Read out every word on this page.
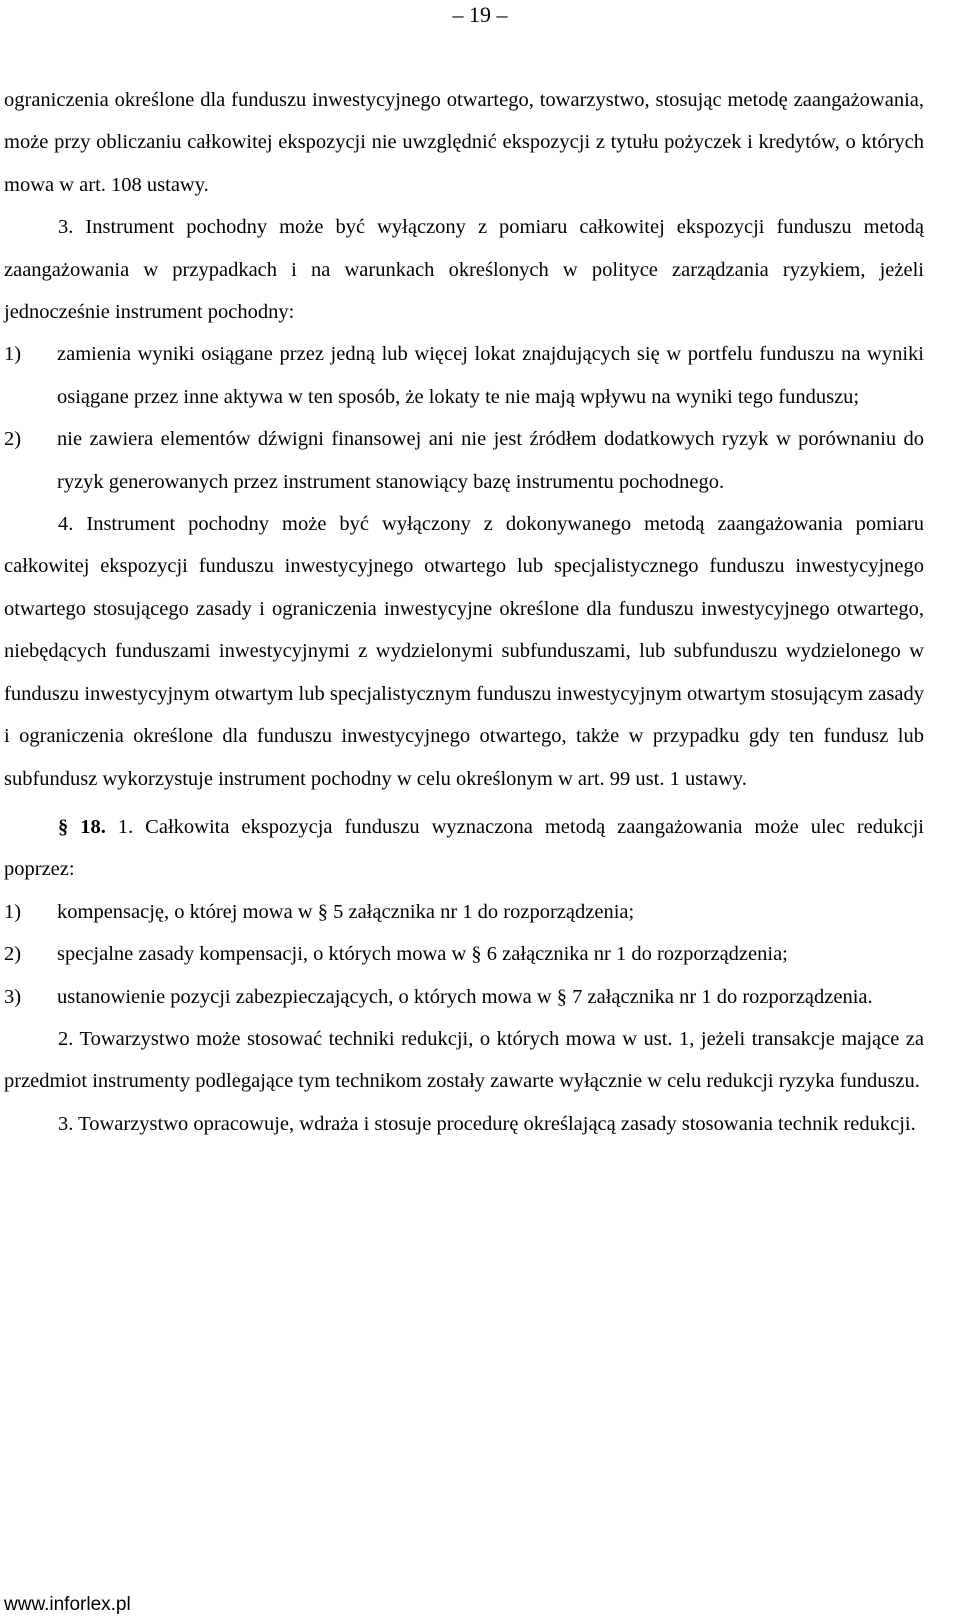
– 19 –

ograniczenia określone dla funduszu inwestycyjnego otwartego, towarzystwo, stosując metodę zaangażowania, może przy obliczaniu całkowitej ekspozycji nie uwzględnić ekspozycji z tytułu pożyczek i kredytów, o których mowa w art. 108 ustawy.

3. Instrument pochodny może być wyłączony z pomiaru całkowitej ekspozycji funduszu metodą zaangażowania w przypadkach i na warunkach określonych w polityce zarządzania ryzykiem, jeżeli jednocześnie instrument pochodny:

1) zamienia wyniki osiągane przez jedną lub więcej lokat znajdujących się w portfelu funduszu na wyniki osiągane przez inne aktywa w ten sposób, że lokaty te nie mają wpływu na wyniki tego funduszu;
2) nie zawiera elementów dźwigni finansowej ani nie jest źródłem dodatkowych ryzyk w porównaniu do ryzyk generowanych przez instrument stanowiący bazę instrumentu pochodnego.

4. Instrument pochodny może być wyłączony z dokonywanego metodą zaangażowania pomiaru całkowitej ekspozycji funduszu inwestycyjnego otwartego lub specjalistycznego funduszu inwestycyjnego otwartego stosującego zasady i ograniczenia inwestycyjne określone dla funduszu inwestycyjnego otwartego, niebędących funduszami inwestycyjnymi z wydzielonymi subfunduszami, lub subfunduszu wydzielonego w funduszu inwestycyjnym otwartym lub specjalistycznym funduszu inwestycyjnym otwartym stosującym zasady i ograniczenia określone dla funduszu inwestycyjnego otwartego, także w przypadku gdy ten fundusz lub subfundusz wykorzystuje instrument pochodny w celu określonym w art. 99 ust. 1 ustawy.

§ 18. 1. Całkowita ekspozycja funduszu wyznaczona metodą zaangażowania może ulec redukcji poprzez:

1) kompensację, o której mowa w § 5 załącznika nr 1 do rozporządzenia;
2) specjalne zasady kompensacji, o których mowa w § 6 załącznika nr 1 do rozporządzenia;
3) ustanowienie pozycji zabezpieczających, o których mowa w § 7 załącznika nr 1 do rozporządzenia.

2. Towarzystwo może stosować techniki redukcji, o których mowa w ust. 1, jeżeli transakcje mające za przedmiot instrumenty podlegające tym technikom zostały zawarte wyłącznie w celu redukcji ryzyka funduszu.

3. Towarzystwo opracowuje, wdraża i stosuje procedurę określającą zasady stosowania technik redukcji.

www.inforlex.pl
